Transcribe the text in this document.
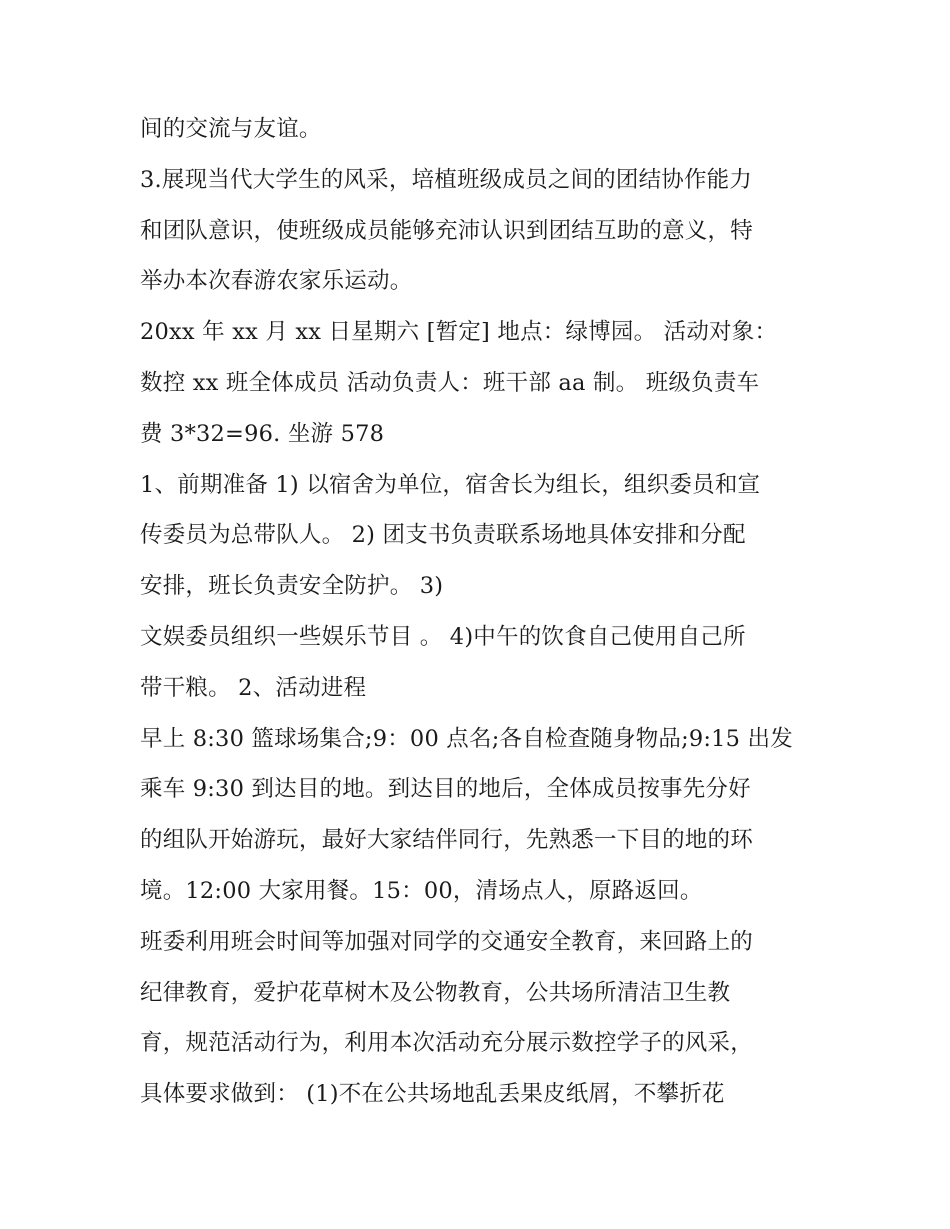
间的交流与友谊。
3.展现当代大学生的风采，培植班级成员之间的团结协作能力
和团队意识，使班级成员能够充沛认识到团结互助的意义，特
举办本次春游农家乐运动。
20xx 年 xx 月 xx 日星期六 [暂定] 地点：绿博园。 活动对象：
数控 xx 班全体成员 活动负责人：班干部 aa 制。 班级负责车
费 3*32=96. 坐游 578
1、前期准备 1) 以宿舍为单位，宿舍长为组长，组织委员和宣
传委员为总带队人。 2) 团支书负责联系场地具体安排和分配
安排，班长负责安全防护。 3)
文娱委员组织一些娱乐节目 。 4)中午的饮食自己使用自己所
带干粮。 2、活动进程
早上 8:30 篮球场集合;9：00 点名;各自检查随身物品;9:15 出发
乘车 9:30 到达目的地。到达目的地后，全体成员按事先分好
的组队开始游玩，最好大家结伴同行，先熟悉一下目的地的环
境。12:00 大家用餐。15：00，清场点人，原路返回。
班委利用班会时间等加强对同学的交通安全教育，来回路上的
纪律教育，爱护花草树木及公物教育，公共场所清洁卫生教
育，规范活动行为，利用本次活动充分展示数控学子的风采，
具体要求做到： (1)不在公共场地乱丢果皮纸屑，不攀折花
